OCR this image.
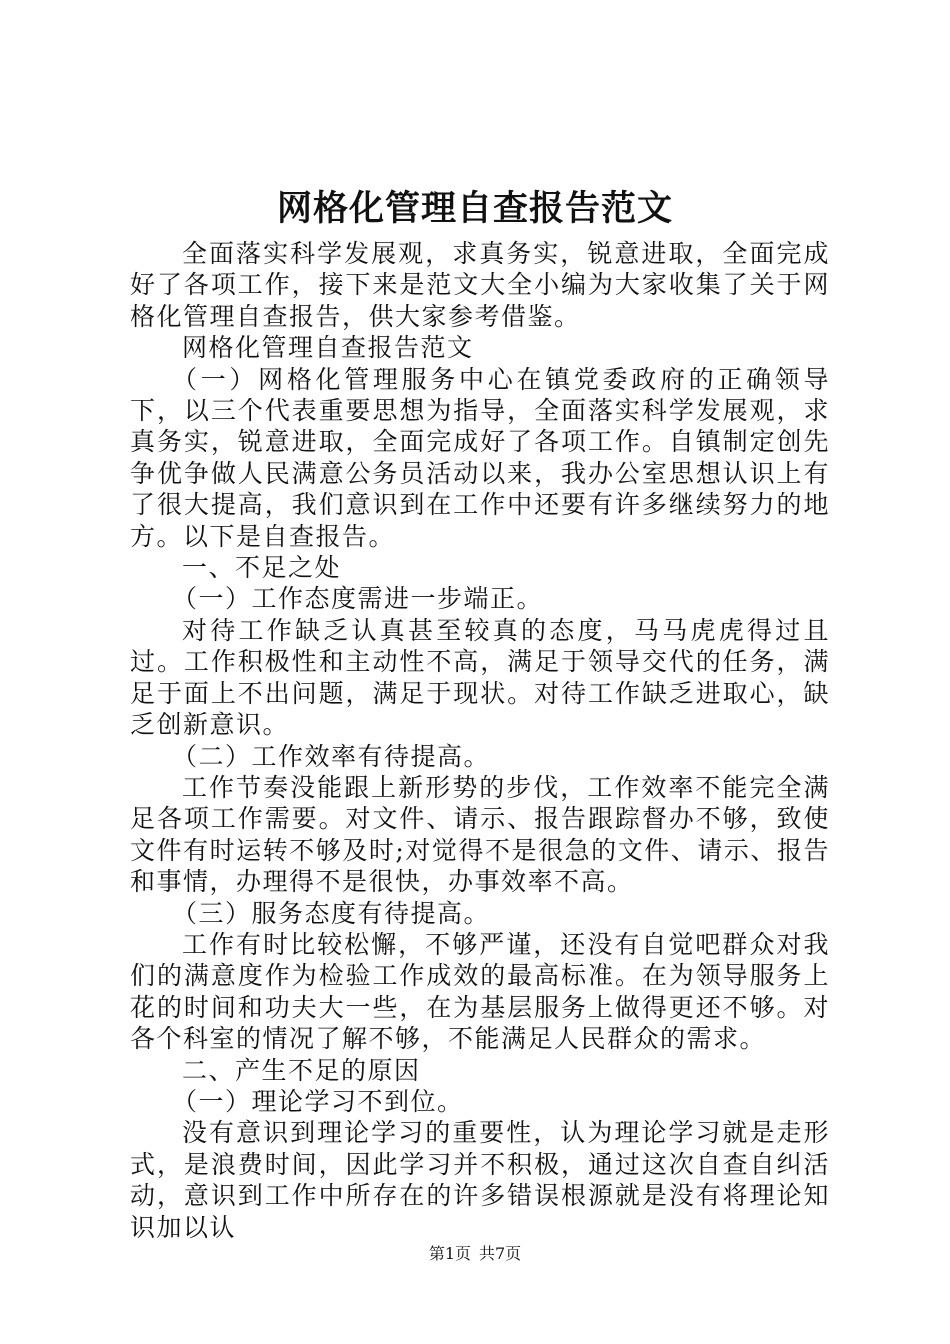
网格化管理自查报告范文

全面落实科学发展观，求真务实，锐意进取，全面完成好了各项工作，接下来是范文大全小编为大家收集了关于网格化管理自查报告，供大家参考借鉴。

网格化管理自查报告范文

（一）网格化管理服务中心在镇党委政府的正确领导下，以三个代表重要思想为指导，全面落实科学发展观，求真务实，锐意进取，全面完成好了各项工作。自镇制定创先争优争做人民满意公务员活动以来，我办公室思想认识上有了很大提高，我们意识到在工作中还要有许多继续努力的地方。以下是自查报告。

一、不足之处

（一）工作态度需进一步端正。

对待工作缺乏认真甚至较真的态度，马马虎虎得过且过。工作积极性和主动性不高，满足于领导交代的任务，满足于面上不出问题，满足于现状。对待工作缺乏进取心，缺乏创新意识。

（二）工作效率有待提高。

工作节奏没能跟上新形势的步伐，工作效率不能完全满足各项工作需要。对文件、请示、报告跟踪督办不够，致使文件有时运转不够及时;对觉得不是很急的文件、请示、报告和事情，办理得不是很快，办事效率不高。

（三）服务态度有待提高。

工作有时比较松懈，不够严谨，还没有自觉吧群众对我们的满意度作为检验工作成效的最高标准。在为领导服务上花的时间和功夫大一些，在为基层服务上做得更还不够。对各个科室的情况了解不够，不能满足人民群众的需求。

二、产生不足的原因

（一）理论学习不到位。

没有意识到理论学习的重要性，认为理论学习就是走形式，是浪费时间，因此学习并不积极，通过这次自查自纠活动，意识到工作中所存在的许多错误根源就是没有将理论知识加以认

第1页 共7页
